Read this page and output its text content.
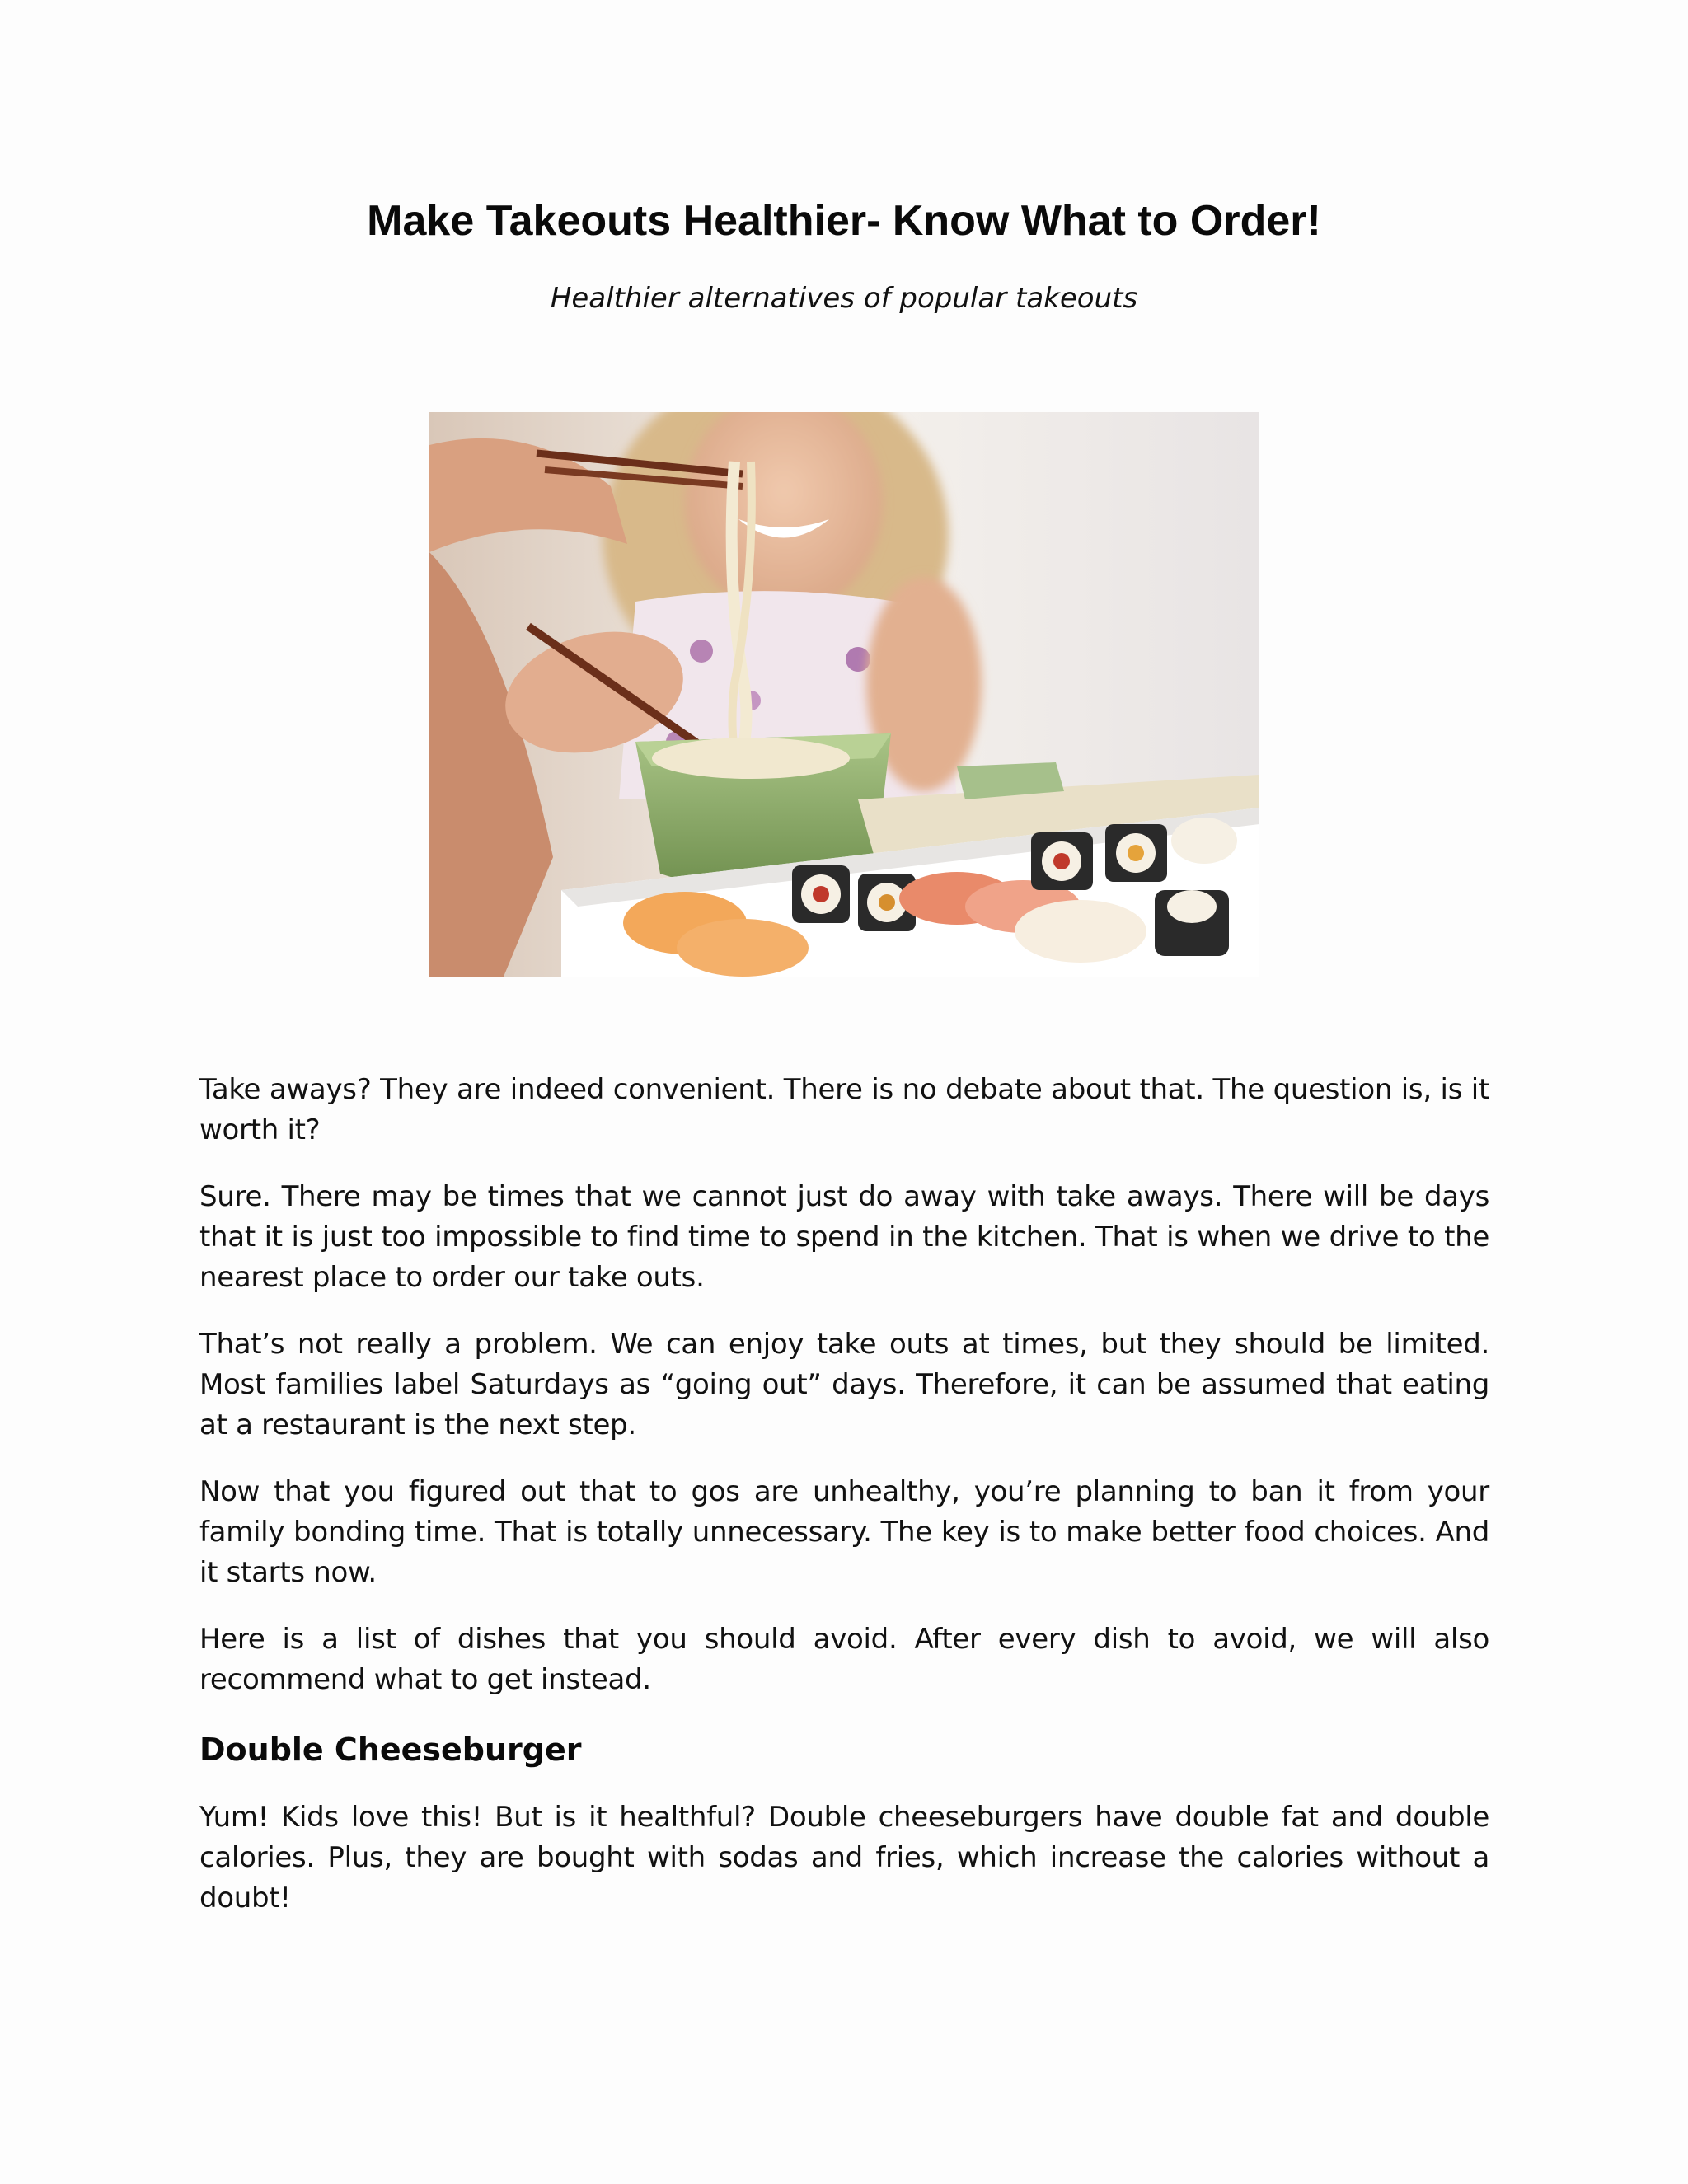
Make Takeouts Healthier- Know What to Order!

Healthier alternatives of popular takeouts

Take aways? They are indeed convenient. There is no debate about that. The question is, is it worth it?

Sure. There may be times that we cannot just do away with take aways. There will be days that it is just too impossible to find time to spend in the kitchen. That is when we drive to the nearest place to order our take outs.

That’s not really a problem. We can enjoy take outs at times, but they should be limited. Most families label Saturdays as “going out” days. Therefore, it can be assumed that eating at a restaurant is the next step.

Now that you figured out that to gos are unhealthy, you’re planning to ban it from your family bonding time. That is totally unnecessary. The key is to make better food choices. And it starts now.

Here is a list of dishes that you should avoid. After every dish to avoid, we will also recommend what to get instead.

Double Cheeseburger

Yum! Kids love this! But is it healthful? Double cheeseburgers have double fat and double calories. Plus, they are bought with sodas and fries, which increase the calories without a doubt!
